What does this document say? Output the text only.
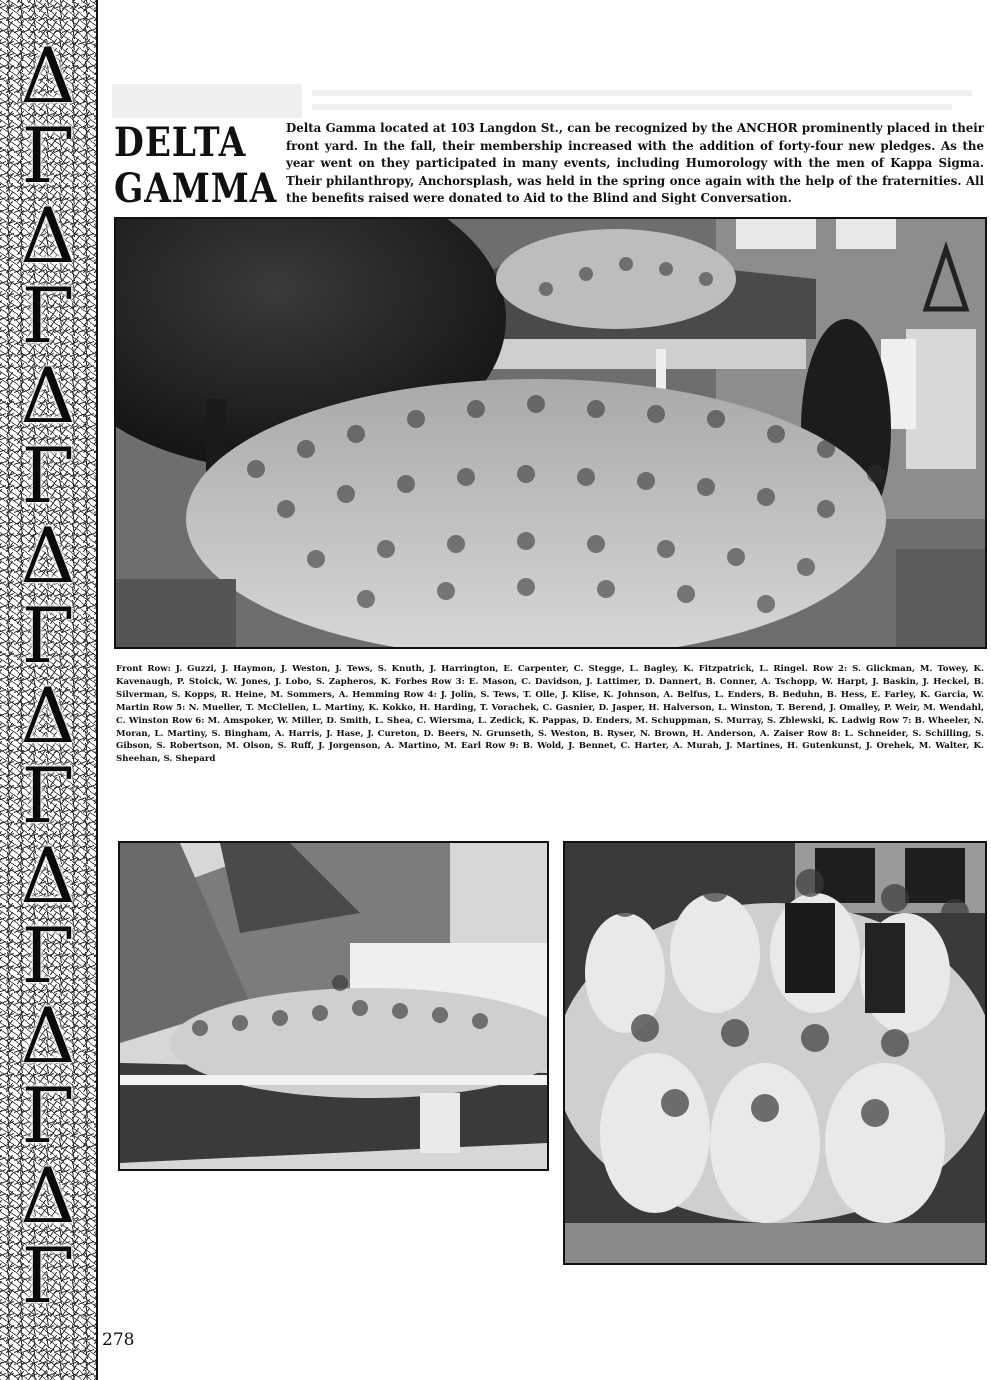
Δ
Γ
Δ
Γ
Δ
Γ
Δ
Γ
Δ
Γ
Δ
Γ
Δ
Γ
Δ
Γ
DELTA
GAMMA
Delta Gamma located at 103 Langdon St., can be recognized by the ANCHOR prominently placed in their front yard. In the fall, their membership increased with the addition of forty-four new pledges. As the year went on they participated in many events, including Humorology with the men of Kappa Sigma. Their philanthropy, Anchorsplash, was held in the spring once again with the help of the fraternities. All the benefits raised were donated to Aid to the Blind and Sight Conversation.
Front Row: J. Guzzi, J. Haymon, J. Weston, J. Tews, S. Knuth, J. Harrington, E. Carpenter, C. Stegge, L. Bagley, K. Fitzpatrick, L. Ringel. Row 2: S. Glickman, M. Towey, K. Kavenaugh, P. Stoick, W. Jones, J. Lobo, S. Zapheros, K. Forbes Row 3: E. Mason, C. Davidson, J. Lattimer, D. Dannert, B. Conner, A. Tschopp, W. Harpt, J. Baskin, J. Heckel, B. Silverman, S. Kopps, R. Heine, M. Sommers, A. Hemming Row 4: J. Jolin, S. Tews, T. Olle, J. Klise, K. Johnson, A. Belfus, L. Enders, B. Beduhn, B. Hess, E. Farley, K. Garcia, W. Martin Row 5: N. Mueller, T. McClellen, L. Martiny, K. Kokko, H. Harding, T. Vorachek, C. Gasnier, D. Jasper, H. Halverson, L. Winston, T. Berend, J. Omalley, P. Weir, M. Wendahl, C. Winston Row 6: M. Amspoker, W. Miller, D. Smith, L. Shea, C. Wiersma, L. Zedick, K. Pappas, D. Enders, M. Schuppman, S. Murray, S. Zblewski, K. Ladwig Row 7: B. Wheeler, N. Moran, L. Martiny, S. Bingham, A. Harris, J. Hase, J. Cureton, D. Beers, N. Grunseth, S. Weston, B. Ryser, N. Brown, H. Anderson, A. Zaiser Row 8: L. Schneider, S. Schilling, S. Gibson, S. Robertson, M. Olson, S. Ruff, J. Jorgenson, A. Martino, M. Earl Row 9: B. Wold, J. Bennet, C. Harter, A. Murah, J. Martines, H. Gutenkunst, J. Orehek, M. Walter, K. Sheehan, S. Shepard
278
